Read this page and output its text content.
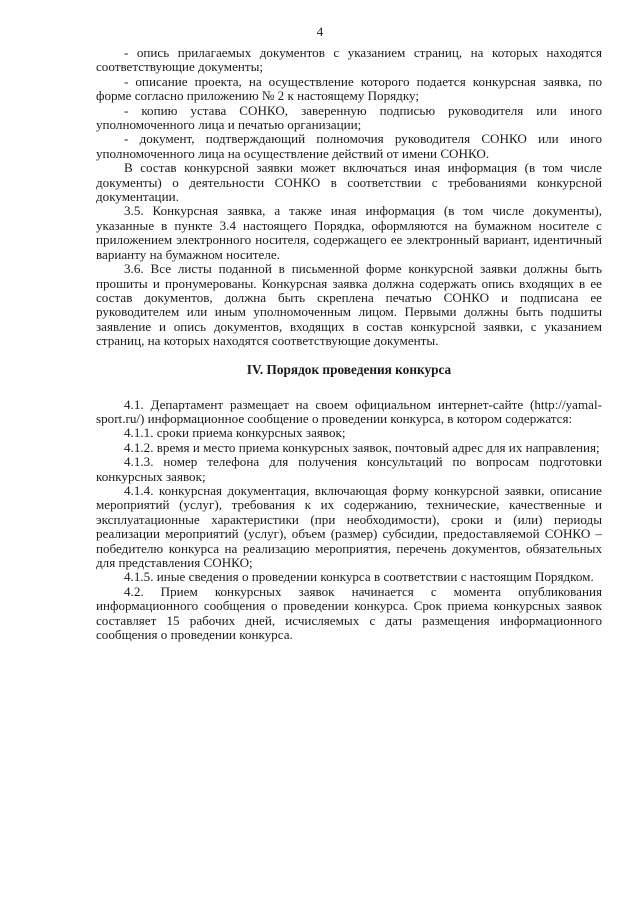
4

- опись прилагаемых документов с указанием страниц, на которых находятся соответствующие документы;

- описание проекта, на осуществление которого подается конкурсная заявка, по форме согласно приложению № 2 к настоящему Порядку;

- копию устава СОНКО, заверенную подписью руководителя или иного уполномоченного лица и печатью организации;

- документ, подтверждающий полномочия руководителя СОНКО или иного уполномоченного лица на осуществление действий от имени СОНКО.

В состав конкурсной заявки может включаться иная информация (в том числе документы) о деятельности СОНКО в соответствии с требованиями конкурсной документации.

3.5. Конкурсная заявка, а также иная информация (в том числе документы), указанные в пункте 3.4 настоящего Порядка, оформляются на бумажном носителе с приложением электронного носителя, содержащего ее электронный вариант, идентичный варианту на бумажном носителе.

3.6. Все листы поданной в письменной форме конкурсной заявки должны быть прошиты и пронумерованы. Конкурсная заявка должна содержать опись входящих в ее состав документов, должна быть скреплена печатью СОНКО и подписана ее руководителем или иным уполномоченным лицом. Первыми должны быть подшиты заявление и опись документов, входящих в состав конкурсной заявки, с указанием страниц, на которых находятся соответствующие документы.

IV. Порядок проведения конкурса

4.1. Департамент размещает на своем официальном интернет-сайте (http://yamal-sport.ru/) информационное сообщение о проведении конкурса, в котором содержатся:

4.1.1. сроки приема конкурсных заявок;

4.1.2. время и место приема конкурсных заявок, почтовый адрес для их направления;

4.1.3. номер телефона для получения консультаций по вопросам подготовки конкурсных заявок;

4.1.4. конкурсная документация, включающая форму конкурсной заявки, описание мероприятий (услуг), требования к их содержанию, технические, качественные и эксплуатационные характеристики (при необходимости), сроки и (или) периоды реализации мероприятий (услуг), объем (размер) субсидии, предоставляемой СОНКО – победителю конкурса на реализацию мероприятия, перечень документов, обязательных для представления СОНКО;

4.1.5. иные сведения о проведении конкурса в соответствии с настоящим Порядком.

4.2. Прием конкурсных заявок начинается с момента опубликования информационного сообщения о проведении конкурса. Срок приема конкурсных заявок составляет 15 рабочих дней, исчисляемых с даты размещения информационного сообщения о проведении конкурса.
